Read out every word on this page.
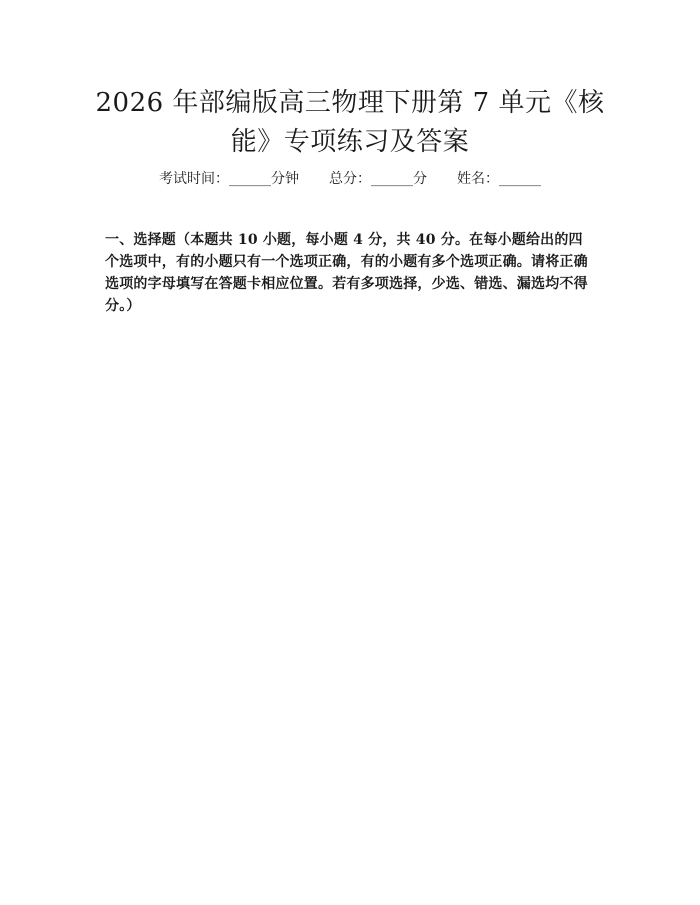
2026 年部编版高三物理下册第 7 单元《核
能》专项练习及答案
考试时间：______分钟 总分：______分 姓名：______
一、选择题（本题共 10 小题，每小题 4 分，共 40 分。在每小题给出的四个选项中，有的小题只有一个选项正确，有的小题有多个选项正确。请将正确选项的字母填写在答题卡相应位置。若有多项选择，少选、错选、漏选均不得分。）
